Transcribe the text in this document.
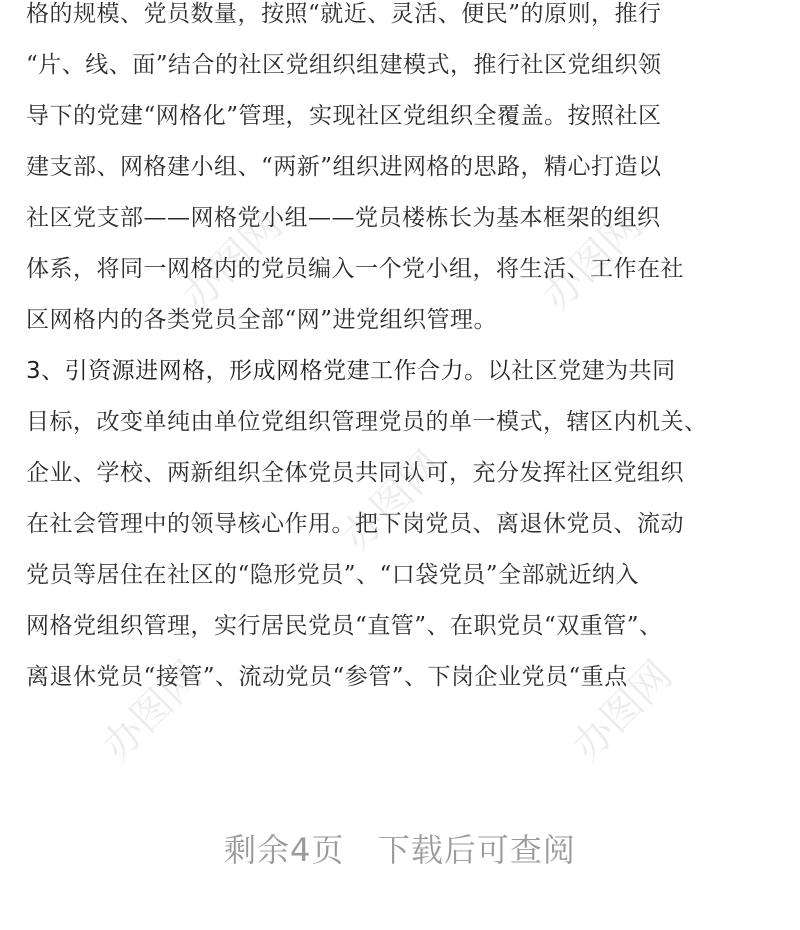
办图网	办图网
办图网
办图网	办图网
格的规模、党员数量，按照“就近、灵活、便民”的原则，推行
“片、线、面”结合的社区党组织组建模式，推行社区党组织领
导下的党建“网格化”管理，实现社区党组织全覆盖。按照社区
建支部、网格建小组、“两新”组织进网格的思路，精心打造以
社区党支部——网格党小组——党员楼栋长为基本框架的组织
体系，将同一网格内的党员编入一个党小组，将生活、工作在社
区网格内的各类党员全部“网”进党组织管理。
3、引资源进网格，形成网格党建工作合力。以社区党建为共同
目标，改变单纯由单位党组织管理党员的单一模式，辖区内机关、
企业、学校、两新组织全体党员共同认可，充分发挥社区党组织
在社会管理中的领导核心作用。把下岗党员、离退休党员、流动
党员等居住在社区的“隐形党员”、“口袋党员”全部就近纳入
网格党组织管理，实行居民党员“直管”、在职党员“双重管”、
离退休党员“接管”、流动党员“参管”、下岗企业党员“重点
剩余4页   下载后可查阅
